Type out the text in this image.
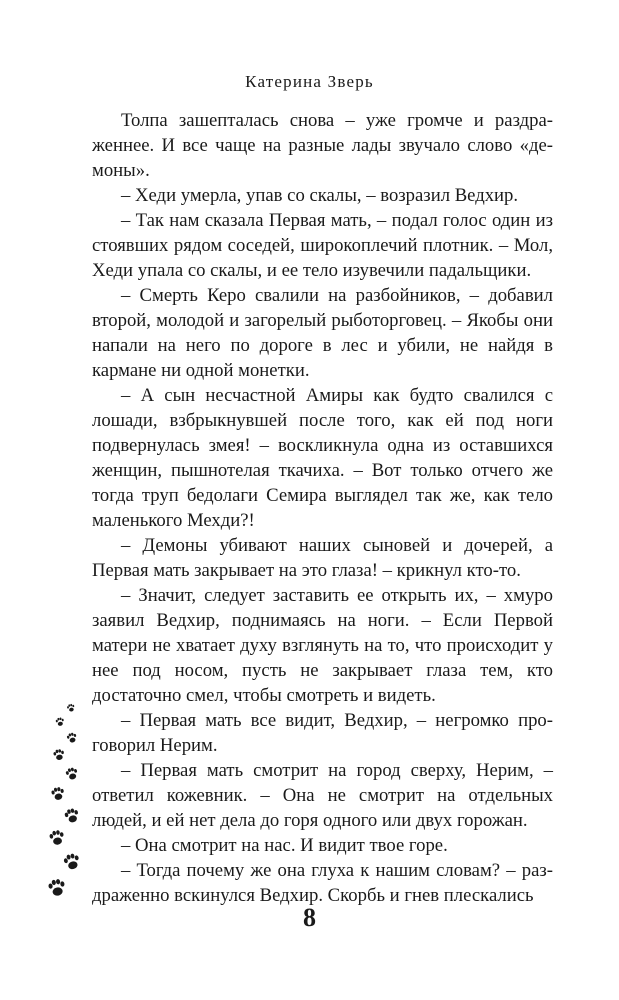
Катерина Зверь

Толпа зашепталась снова – уже громче и раздраженнее. И все чаще на разные лады звучало слово «демоны».

– Хеди умерла, упав со скалы, – возразил Ведхир.

– Так нам сказала Первая мать, – подал голос один из стоявших рядом соседей, широкоплечий плотник. – Мол, Хеди упала со скалы, и ее тело изувечили падальщики.

– Смерть Керо свалили на разбойников, – добавил второй, молодой и загорелый рыботорговец. – Якобы они напали на него по дороге в лес и убили, не найдя в кармане ни одной монетки.

– А сын несчастной Амиры как будто свалился с лошади, взбрыкнувшей после того, как ей под ноги подвернулась змея! – воскликнула одна из оставшихся женщин, пышнотелая ткачиха. – Вот только отчего же тогда труп бедолаги Семира выглядел так же, как тело маленького Мехди?!

– Демоны убивают наших сыновей и дочерей, а Первая мать закрывает на это глаза! – крикнул кто-то.

– Значит, следует заставить ее открыть их, – хмуро заявил Ведхир, поднимаясь на ноги. – Если Первой матери не хватает духу взглянуть на то, что происходит у нее под носом, пусть не закрывает глаза тем, кто достаточно смел, чтобы смотреть и видеть.

– Первая мать все видит, Ведхир, – негромко проговорил Нерим.

– Первая мать смотрит на город сверху, Нерим, – ответил кожевник. – Она не смотрит на отдельных людей, и ей нет дела до горя одного или двух горожан.

– Она смотрит на нас. И видит твое горе.

– Тогда почему же она глуха к нашим словам? – раздраженно вскинулся Ведхир. Скорбь и гнев плескались

8
